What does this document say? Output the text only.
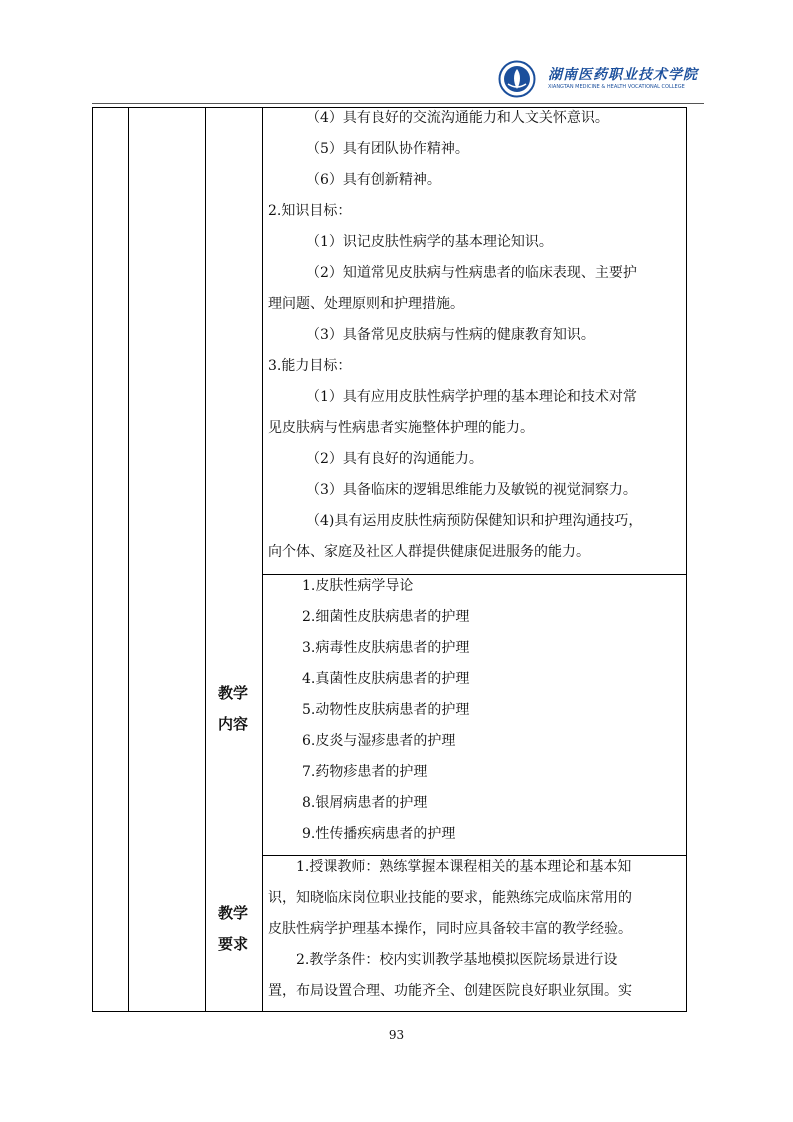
湖南医药职业技术学院
XIANGTAN MEDICINE & HEALTH VOCATIONAL COLLEGE
（4）具有良好的交流沟通能力和人文关怀意识。
（5）具有团队协作精神。
（6）具有创新精神。
2.知识目标：
（1）识记皮肤性病学的基本理论知识。
（2）知道常见皮肤病与性病患者的临床表现、主要护
理问题、处理原则和护理措施。
（3）具备常见皮肤病与性病的健康教育知识。
3.能力目标：
（1）具有应用皮肤性病学护理的基本理论和技术对常
见皮肤病与性病患者实施整体护理的能力。
（2）具有良好的沟通能力。
（3）具备临床的逻辑思维能力及敏锐的视觉洞察力。
（4)具有运用皮肤性病预防保健知识和护理沟通技巧，
向个体、家庭及社区人群提供健康促进服务的能力。
教学
内容
1.皮肤性病学导论
2.细菌性皮肤病患者的护理
3.病毒性皮肤病患者的护理
4.真菌性皮肤病患者的护理
5.动物性皮肤病患者的护理
6.皮炎与湿疹患者的护理
7.药物疹患者的护理
8.银屑病患者的护理
9.性传播疾病患者的护理
教学
要求
1.授课教师：熟练掌握本课程相关的基本理论和基本知
识，知晓临床岗位职业技能的要求，能熟练完成临床常用的
皮肤性病学护理基本操作，同时应具备较丰富的教学经验。
2.教学条件：校内实训教学基地模拟医院场景进行设
置，布局设置合理、功能齐全、创建医院良好职业氛围。实
93
